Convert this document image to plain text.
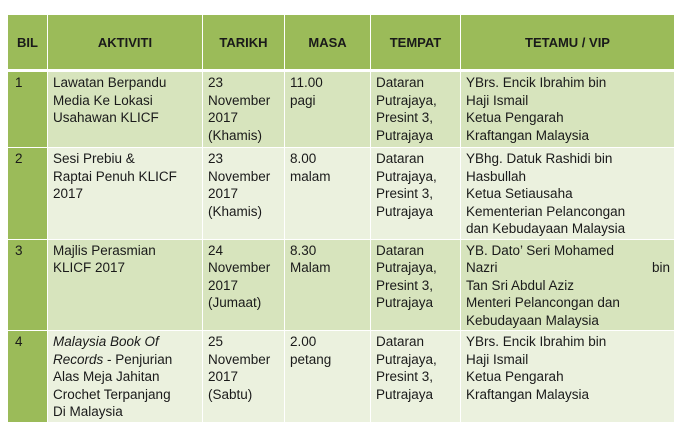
BIL	AKTIVITI	TARIKH	MASA	TEMPAT	TETAMU / VIP
1	Lawatan Berpandu
Media Ke Lokasi
Usahawan KLICF	23
November
2017
(Khamis)	11.00
pagi	Dataran
Putrajaya,
Presint 3,
Putrajaya	YBrs. Encik Ibrahim bin
Haji Ismail
Ketua Pengarah
Kraftangan Malaysia

2	Sesi Prebiu &
Raptai Penuh KLICF
2017	23
November
2017
(Khamis)	8.00
malam	Dataran
Putrajaya,
Presint 3,
Putrajaya	YBhg. Datuk Rashidi bin
Hasbullah
Ketua Setiausaha
Kementerian Pelancongan
dan Kebudayaan Malaysia

3	Majlis Perasmian
KLICF 2017	24
November
2017
(Jumaat)	8.30
Malam	Dataran
Putrajaya,
Presint 3,
Putrajaya	YB. Dato’ Seri Mohamed
Nazri bin
Tan Sri Abdul Aziz
Menteri Pelancongan dan
Kebudayaan Malaysia

4	Malaysia Book Of
Records - Penjurian
Alas Meja Jahitan
Crochet Terpanjang
Di Malaysia	25
November
2017
(Sabtu)	2.00
petang	Dataran
Putrajaya,
Presint 3,
Putrajaya	YBrs. Encik Ibrahim bin
Haji Ismail
Ketua Pengarah
Kraftangan Malaysia
